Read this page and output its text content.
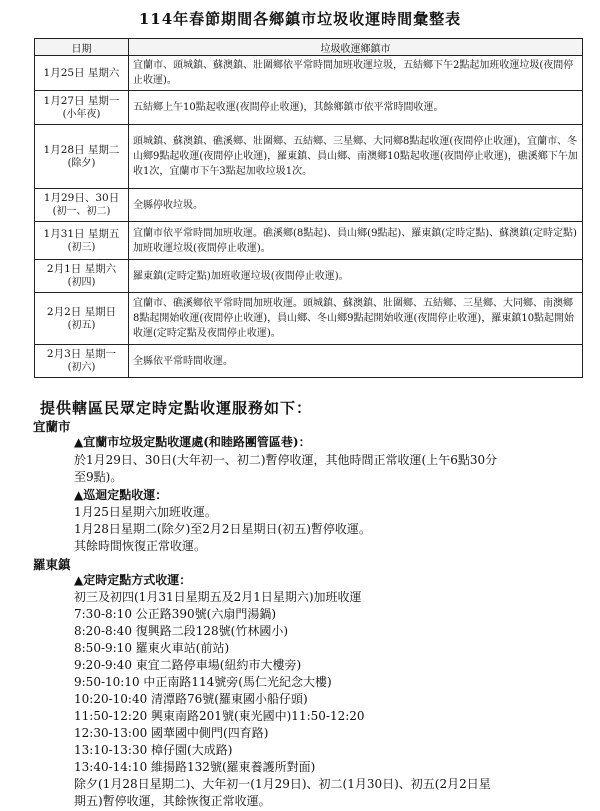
114年春節期間各鄉鎮市垃圾收運時間彙整表
日期	垃圾收運鄉鎮市

1月25日 星期六	宜蘭市、頭城鎮、蘇澳鎮、壯圍鄉依平常時間加班收運垃圾，五結鄉下午2點起加班收運垃圾(夜間停止收運)。

1月27日 星期一
(小年夜)	五結鄉上午10點起收運(夜間停止收運)，其餘鄉鎮市依平常時間收運。

1月28日 星期二
(除夕)	頭城鎮、蘇澳鎮、礁溪鄉、壯圍鄉、五結鄉、三星鄉、大同鄉8點起收運(夜間停止收運)，宜蘭市、冬山鄉9點起收運(夜間停止收運)，羅東鎮、員山鄉、南澳鄉10點起收運(夜間停止收運)，礁溪鄉下午加收1次，宜蘭市下午3點起加收垃圾1次。

1月29日、30日
(初一、初二)	全縣停收垃圾。

1月31日 星期五
(初三)	宜蘭市依平常時間加班收運。礁溪鄉(8點起)、員山鄉(9點起)、羅東鎮(定時定點)、蘇澳鎮(定時定點)加班收運垃圾(夜間停止收運)。

2月1日 星期六
(初四)	羅東鎮(定時定點)加班收運垃圾(夜間停止收運)。

2月2日 星期日
(初五)	宜蘭市、礁溪鄉依平常時間加班收運。頭城鎮、蘇澳鎮、壯圍鄉、五結鄉、三星鄉、大同鄉、南澳鄉8點起開始收運(夜間停止收運)，員山鄉、冬山鄉9點起開始收運(夜間停止收運)，羅東鎮10點起開始收運(定時定點及夜間停止收運)。

2月3日 星期一
(初六)	全縣依平常時間收運。
提供轄區民眾定時定點收運服務如下：
宜蘭市
▲宜蘭市垃圾定點收運處(和睦路團管區巷)：
於1月29日、30日(大年初一、初二)暫停收運，其他時間正常收運(上午6點30分
至9點)。
▲巡迴定點收運：
1月25日星期六加班收運。
1月28日星期二(除夕)至2月2日星期日(初五)暫停收運。
其餘時間恢復正常收運。
羅東鎮
▲定時定點方式收運：
初三及初四(1月31日星期五及2月1日星期六)加班收運
7:30-8:10 公正路390號(六扇門湯鍋)
8:20-8:40 復興路二段128號(竹林國小)
8:50-9:10 羅東火車站(前站)
9:20-9:40 東宜二路停車場(紐約市大樓旁)
9:50-10:10 中正南路114號旁(馬仁光紀念大樓)
10:20-10:40 清潭路76號(羅東國小船仔頭)
11:50-12:20 興東南路201號(東光國中)11:50-12:20
12:30-13:00 國華國中側門(四育路)
13:10-13:30 樟仔園(大成路)
13:40-14:10 維揚路132號(羅東養護所對面)
除夕(1月28日星期二)、大年初一(1月29日)、初二(1月30日)、初五(2月2日星
期五)暫停收運，其餘恢復正常收運。
